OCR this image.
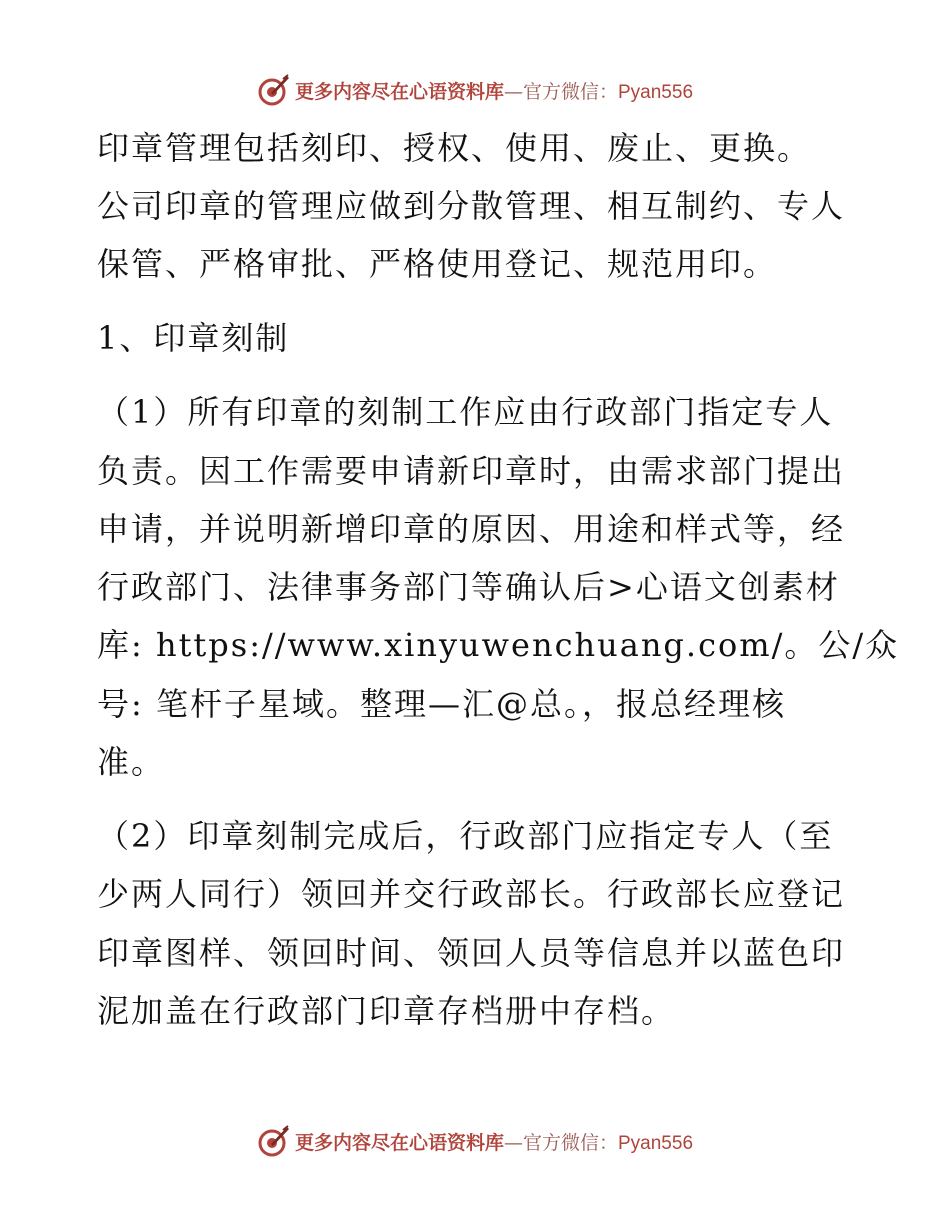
更多内容尽在心语资料库—官方微信：Pyan556
印章管理包括刻印、授权、使用、废止、更换。
公司印章的管理应做到分散管理、相互制约、专人
保管、严格审批、严格使用登记、规范用印。
1、印章刻制
（1）所有印章的刻制工作应由行政部门指定专人
负责。因工作需要申请新印章时，由需求部门提出
申请，并说明新增印章的原因、用途和样式等，经
行政部门、法律事务部门等确认后>心语文创素材
库: https://www.xinyuwenchuang.com/。公/众
号: 笔杆子星域。整理—汇@总。，报总经理核
准。
（2）印章刻制完成后，行政部门应指定专人（至
少两人同行）领回并交行政部长。行政部长应登记
印章图样、领回时间、领回人员等信息并以蓝色印
泥加盖在行政部门印章存档册中存档。
更多内容尽在心语资料库—官方微信：Pyan556
